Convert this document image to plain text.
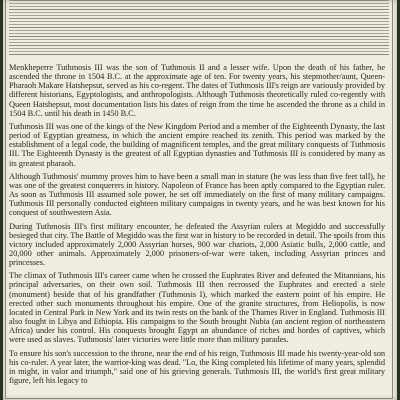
Menkheperre Tuthmosis III was the son of Tuthmosis II and a lesser wife. Upon the death of his father, he ascended the throne in 1504 B.C. at the approximate age of ten. For twenty years, his stepmother/aunt, Queen-Pharaoh Makare Hatshepsut, served as his co-regent. The dates of Tuthmosis III's reign are variously provided by different historians, Egyptologists, and anthropologists. Although Tuthmosis theoretically ruled co-regently with Queen Hatshepsut, most documentation lists his dates of reign from the time he ascended the throne as a child in 1504 B.C. until his death in 1450 B.C.

Tuthmosis III was one of the kings of the New Kingdom Period and a member of the Eighteenth Dynasty, the last period of Egyptian greatness, in which the ancient empire reached its zenith. This period was marked by the establishment of a legal code, the building of magnificent temples, and the great military conquests of Tuthmosis III. The Eighteenth Dynasty is the greatest of all Egyptian dynasties and Tuthmosis III is considered by many as its greatest pharaoh.

Although Tuthmosis' mummy proves him to have been a small man in stature (he was less than five feet tall), he was one of the greatest conquerers in history. Napoleon of France has been aptly compared to the Egyptian ruler. As soon as Tuthmosis III assumed sole power, he set off immediately on the first of many military campaigns. Tuthmosis III personally conducted eighteen military campaigns in twenty years, and he was best known for his conquest of southwestern Asia.

During Tuthmosis III's first military encounter, he defeated the Assyrian rulers at Megiddo and successfully besieged that city. The Battle of Megiddo was the first war in history to be recorded in detail. The spoils from this victory included approximately 2,000 Assyrian horses, 900 war chariots, 2,000 Asiatic bulls, 2,000 cattle, and 20,000 other animals. Approximately 2,000 prisoners-of-war were taken, including Assyrian princes and princesses.

The climax of Tuthmosis III's career came when he crossed the Euphrates River and defeated the Mitannians, his principal adversaries, on their own soil. Tuthmosis III then recrossed the Euphrates and erected a stele (monument) beside that of his grandfather (Tuthmosis I), which marked the eastern point of his empire. He erected other such monuments throughout his empire. One of the granite structures, from Heliopolis, is now located in Central Park in New York and its twin rests on the bank of the Thames River in England. Tuthmosis III also fought in Libya and Ethiopia. His campaigns to the South brought Nubia (an ancient region of northeastern Africa) under his control. His conquests brought Egypt an abundance of riches and hordes of captives, which were used as slaves. Tuthmosis' later victories were little more than military parades.

To ensure his son's succession to the throne, near the end of his reign, Tuthmosis III made his twenty-year-old son his co-ruler. A year later, the warrior-king was dead. "Lo, the King completed his lifetime of many years, splendid in might, in valor and triumph," said one of his grieving generals. Tuthmosis III, the world's first great military figure, left his legacy to
